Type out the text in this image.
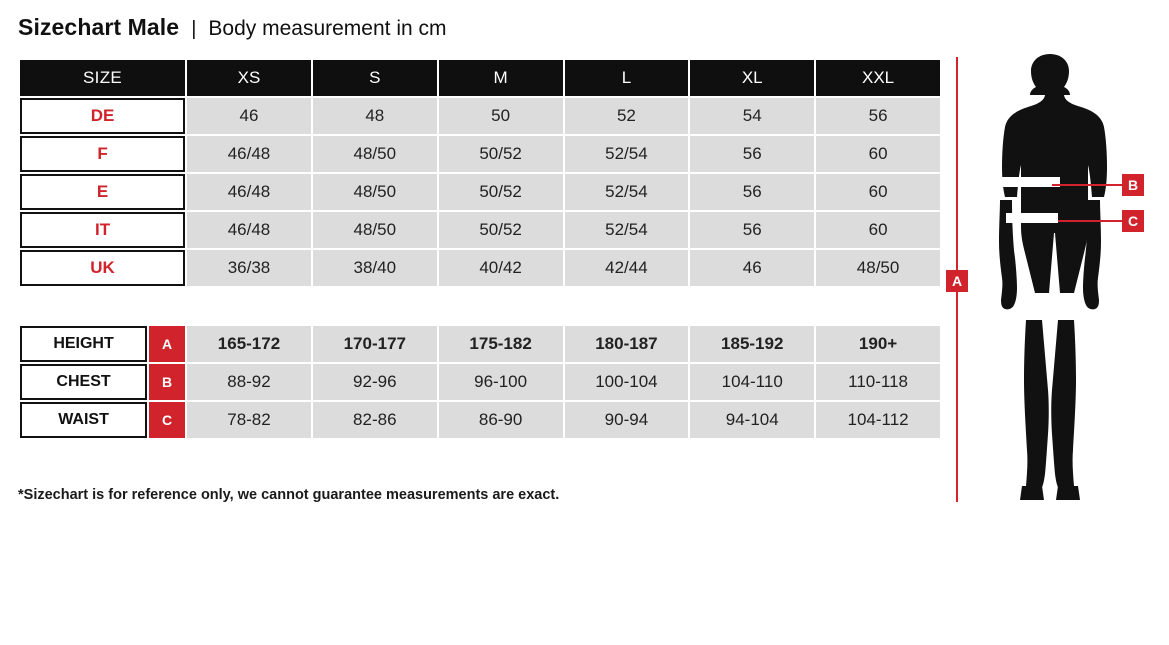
Sizechart Male | Body measurement in cm
SIZE	XS	S	M	L	XL	XXL
DE	46	48	50	52	54	56
F	46/48	48/50	50/52	52/54	56	60
E	46/48	48/50	50/52	52/54	56	60
IT	46/48	48/50	50/52	52/54	56	60
UK	36/38	38/40	40/42	42/44	46	48/50

HEIGHT A	165-172	170-177	175-182	180-187	185-192	190+

CHEST B	88-92	92-96	96-100	100-104	104-110	110-118

WAIST C	78-82	82-86	86-90	90-94	94-104	104-112
*Sizechart is for reference only, we cannot guarantee measurements are exact.
A
B
C
